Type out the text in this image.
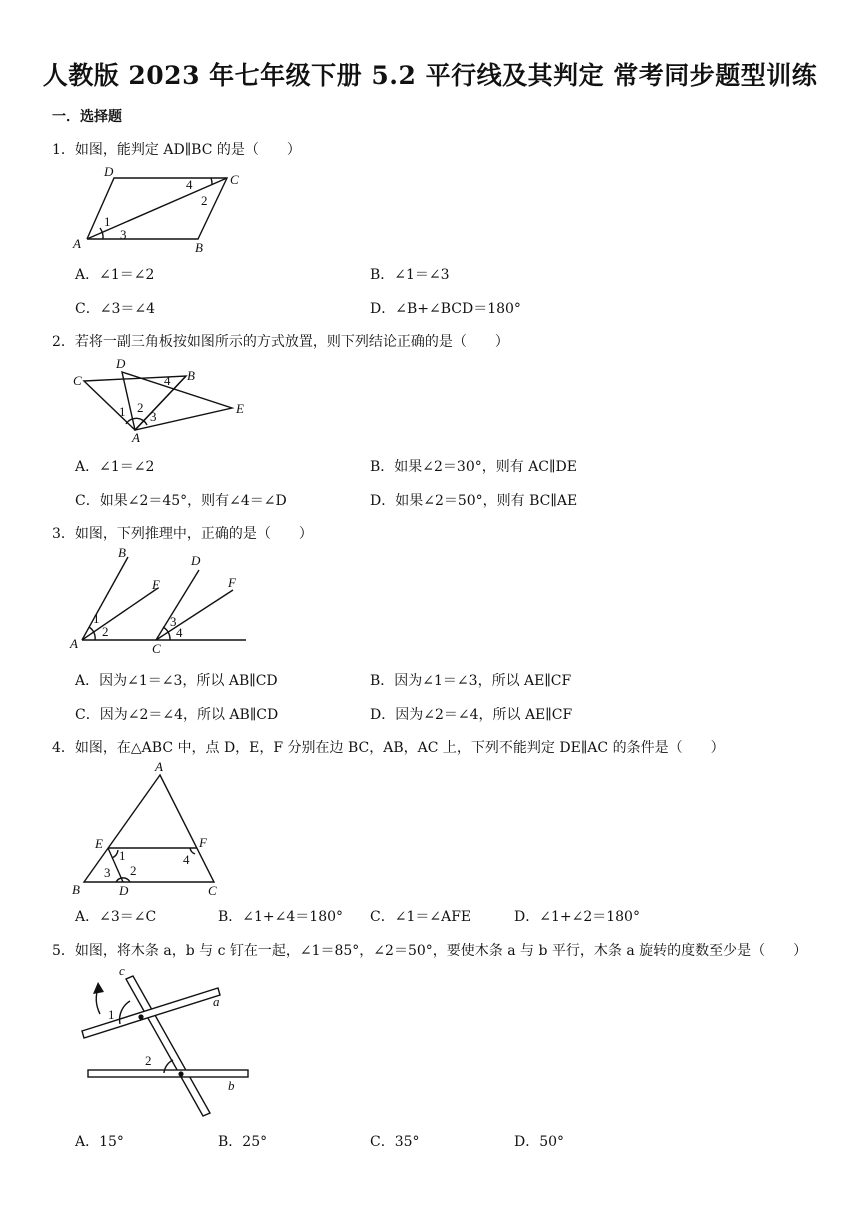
人教版 2023 年七年级下册 5.2 平行线及其判定 常考同步题型训练
一．选择题
1．如图，能判定 AD∥BC 的是（　　）
D
C
A	B
1
2
3
4
A．∠1＝∠2	B．∠1＝∠3
C．∠3＝∠4	D．∠B+∠BCD＝180°
2．若将一副三角板按如图所示的方式放置，则下列结论正确的是（　　）
D
C	B
E
A
1 2
3
4
A．∠1＝∠2	B．如果∠2＝30°，则有 AC∥DE
C．如果∠2＝45°，则有∠4＝∠D	D．如果∠2＝50°，则有 BC∥AE
3．如图，下列推理中，正确的是（　　）
B
E
D
F
A	C
1
2
3
4
A．因为∠1＝∠3，所以 AB∥CD	B．因为∠1＝∠3，所以 AE∥CF
C．因为∠2＝∠4，所以 AB∥CD	D．因为∠2＝∠4，所以 AE∥CF
4．如图，在△ABC 中，点 D，E，F 分别在边 BC，AB，AC 上，下列不能判定 DE∥AC 的条件是（　　）
A
E	F
B	D	C
1
2
3
4
A．∠3＝∠C	B．∠1+∠4＝180° C．∠1＝∠AFE	D．∠1+∠2＝180°
5．如图，将木条 a，b 与 c 钉在一起，∠1＝85°，∠2＝50°，要使木条 a 与 b 平行，木条 a 旋转的度数至少是（　　）
c
a
b
1
2
A．15°	B．25°	C．35°	D．50°
